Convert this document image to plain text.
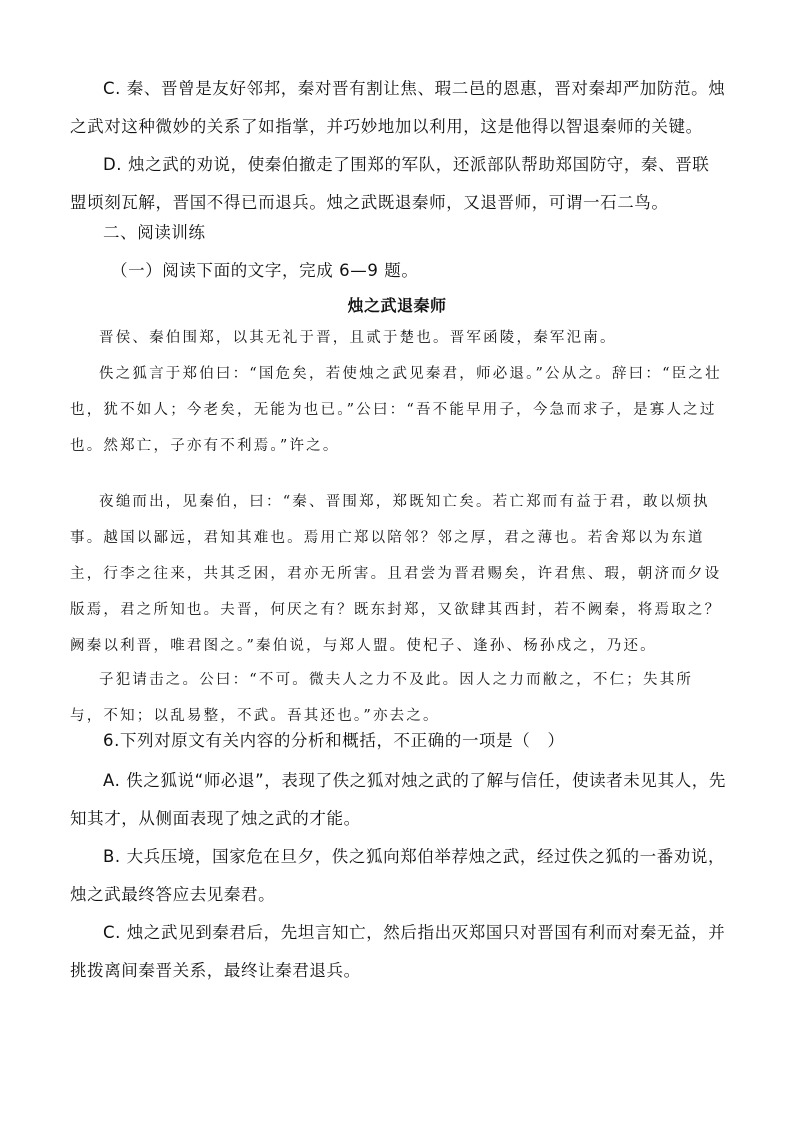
C. 秦、晋曾是友好邻邦，秦对晋有割让焦、瑕二邑的恩惠，晋对秦却严加防范。烛之武对这种微妙的关系了如指掌，并巧妙地加以利用，这是他得以智退秦师的关键。

D. 烛之武的劝说，使秦伯撤走了围郑的军队，还派部队帮助郑国防守，秦、晋联盟顷刻瓦解，晋国不得已而退兵。烛之武既退秦师，又退晋师，可谓一石二鸟。

二、阅读训练
（一）阅读下面的文字，完成 6—9 题。
烛之武退秦师

晋侯、秦伯围郑，以其无礼于晋，且贰于楚也。晋军函陵，秦军氾南。

佚之狐言于郑伯曰：“国危矣，若使烛之武见秦君，师必退。”公从之。辞曰：“臣之壮也，犹不如人；今老矣，无能为也已。”公曰：“吾不能早用子，今急而求子，是寡人之过也。然郑亡，子亦有不利焉。”许之。

夜缒而出，见秦伯，曰：“秦、晋围郑，郑既知亡矣。若亡郑而有益于君，敢以烦执事。越国以鄙远，君知其难也。焉用亡郑以陪邻？邻之厚，君之薄也。若舍郑以为东道主，行李之往来，共其乏困，君亦无所害。且君尝为晋君赐矣，许君焦、瑕，朝济而夕设版焉，君之所知也。夫晋，何厌之有？既东封郑，又欲肆其西封，若不阙秦，将焉取之？阙秦以利晋，唯君图之。”秦伯说，与郑人盟。使杞子、逢孙、杨孙戍之，乃还。

子犯请击之。公曰：“不可。微夫人之力不及此。因人之力而敝之，不仁；失其所与，不知；以乱易整，不武。吾其还也。”亦去之。

6.下列对原文有关内容的分析和概括，不正确的一项是（　）

A. 佚之狐说“师必退”，表现了佚之狐对烛之武的了解与信任，使读者未见其人，先知其才，从侧面表现了烛之武的才能。

B. 大兵压境，国家危在旦夕，佚之狐向郑伯举荐烛之武，经过佚之狐的一番劝说，烛之武最终答应去见秦君。

C. 烛之武见到秦君后，先坦言知亡，然后指出灭郑国只对晋国有利而对秦无益，并挑拨离间秦晋关系，最终让秦君退兵。
